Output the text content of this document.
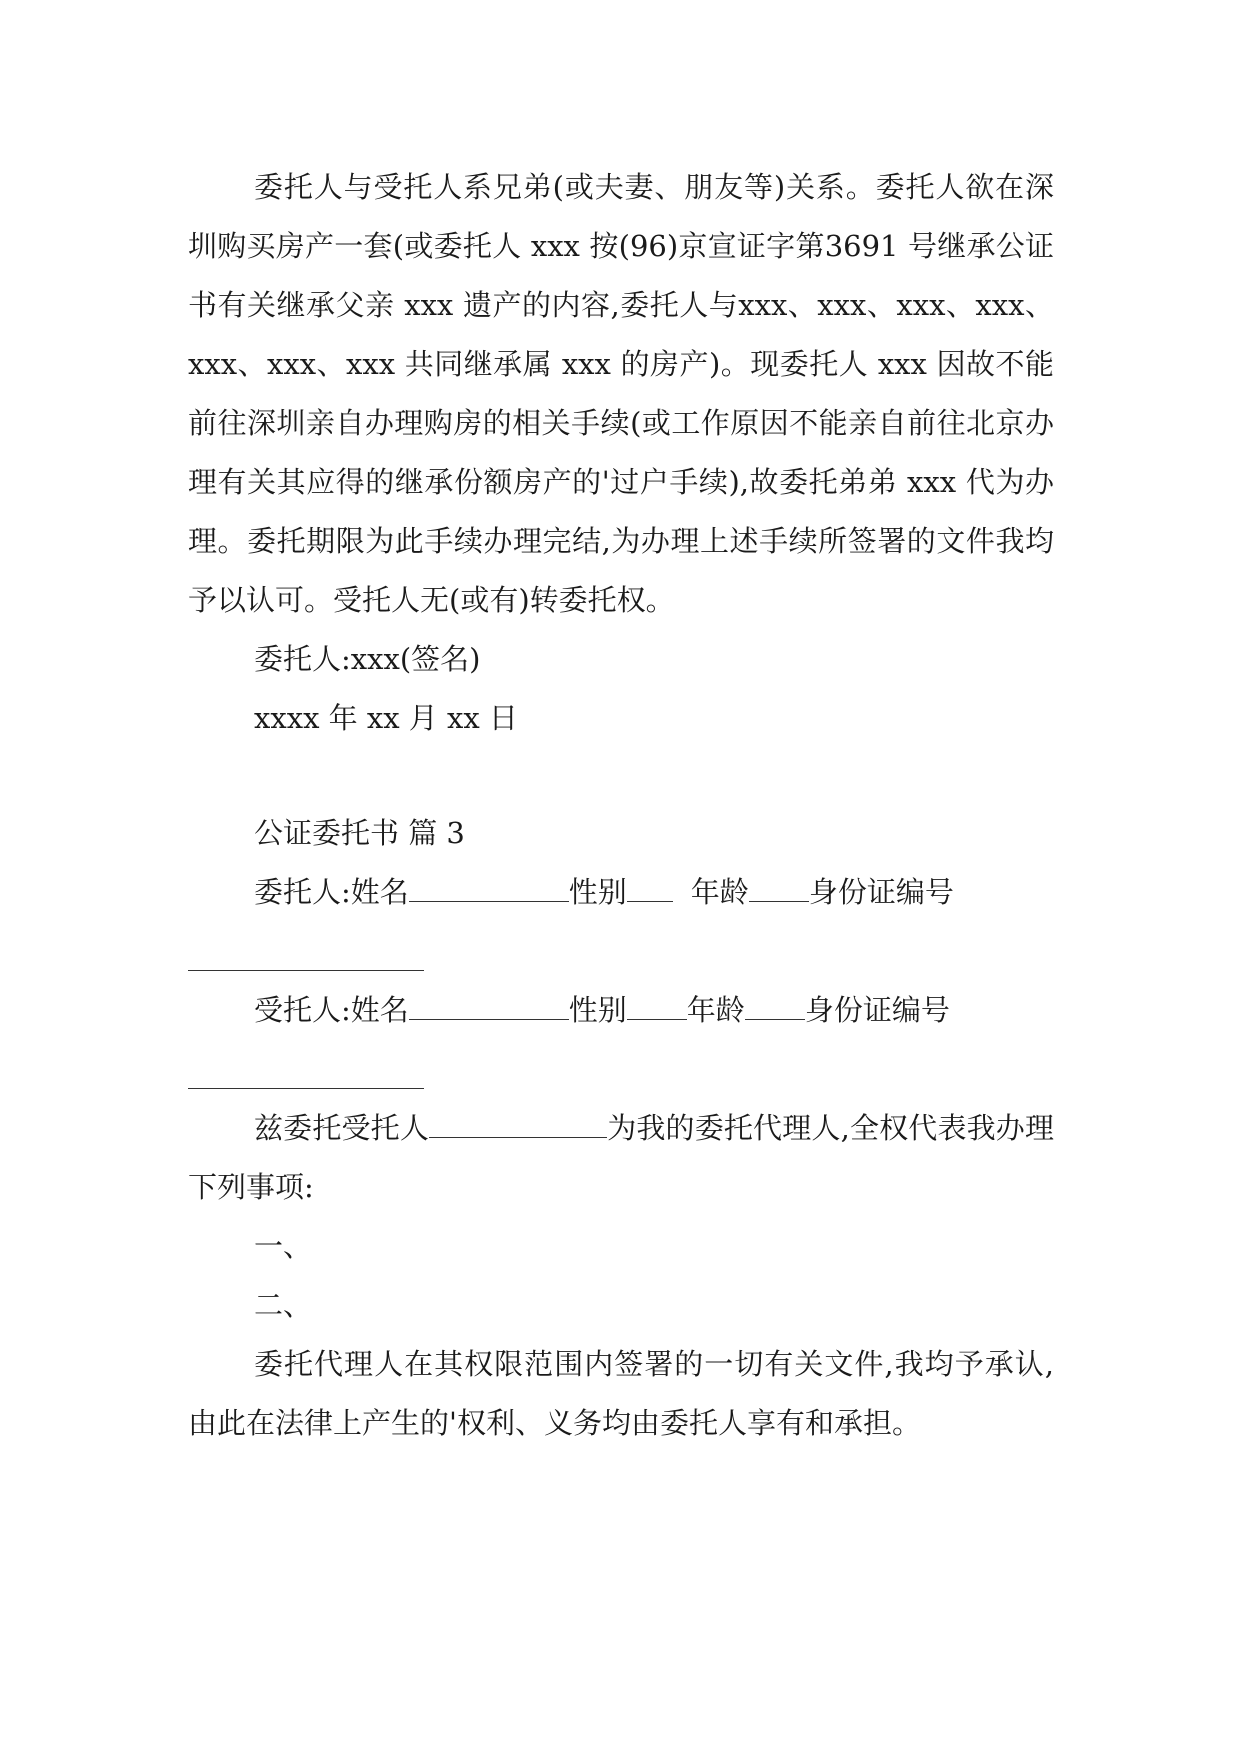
委托人与受托人系兄弟(或夫妻、朋友等)关系。委托人欲在深圳购买房产一套(或委托人 xxx 按(96)京宣证字第3691 号继承公证书有关继承父亲 xxx 遗产的内容,委托人与xxx、xxx、xxx、xxx、xxx、xxx、xxx 共同继承属 xxx 的房产)。现委托人 xxx 因故不能前往深圳亲自办理购房的相关手续(或工作原因不能亲自前往北京办理有关其应得的继承份额房产的'过户手续),故委托弟弟 xxx 代为办理。委托期限为此手续办理完结,为办理上述手续所签署的文件我均予以认可。受托人无(或有)转委托权。

委托人:xxx(签名)

xxxx 年 xx 月 xx 日

公证委托书 篇 3

委托人:姓名	性别 年龄 身份证编号

受托人:姓名	性别 年龄 身份证编号

兹委托受托人	为我的委托代理人,全权代表我办理下列事项:

一、

二、

委托代理人在其权限范围内签署的一切有关文件,我均予承认,由此在法律上产生的'权利、义务均由委托人享有和承担。
